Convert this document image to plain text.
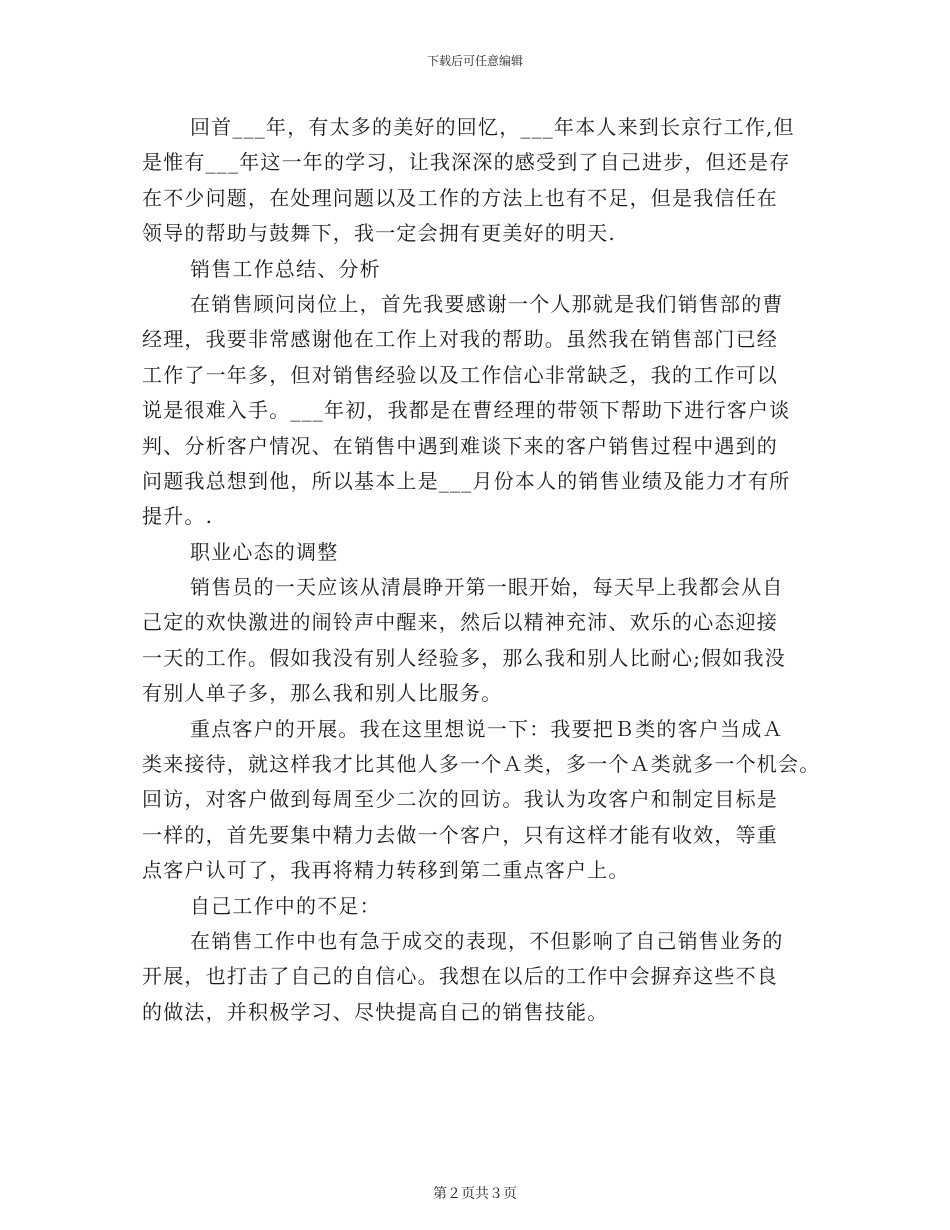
下载后可任意编辑
回首___年，有太多的美好的回忆，___年本人来到长京行工作,但
是惟有___年这一年的学习，让我深深的感受到了自己进步，但还是存
在不少问题，在处理问题以及工作的方法上也有不足，但是我信任在
领导的帮助与鼓舞下，我一定会拥有更美好的明天.
销售工作总结、分析
在销售顾问岗位上，首先我要感谢一个人那就是我们销售部的曹
经理，我要非常感谢他在工作上对我的帮助。虽然我在销售部门已经
工作了一年多，但对销售经验以及工作信心非常缺乏，我的工作可以
说是很难入手。___年初，我都是在曹经理的带领下帮助下进行客户谈
判、分析客户情况、在销售中遇到难谈下来的客户销售过程中遇到的
问题我总想到他，所以基本上是___月份本人的销售业绩及能力才有所
提升。.
职业心态的调整
销售员的一天应该从清晨睁开第一眼开始，每天早上我都会从自
己定的欢快激进的闹铃声中醒来，然后以精神充沛、欢乐的心态迎接
一天的工作。假如我没有别人经验多，那么我和别人比耐心;假如我没
有别人单子多，那么我和别人比服务。
重点客户的开展。我在这里想说一下：我要把Ｂ类的客户当成Ａ
类来接待，就这样我才比其他人多一个Ａ类，多一个Ａ类就多一个机会。
回访，对客户做到每周至少二次的回访。我认为攻客户和制定目标是
一样的，首先要集中精力去做一个客户，只有这样才能有收效，等重
点客户认可了，我再将精力转移到第二重点客户上。
自己工作中的不足：
在销售工作中也有急于成交的表现，不但影响了自己销售业务的
开展，也打击了自己的自信心。我想在以后的工作中会摒弃这些不良
的做法，并积极学习、尽快提高自己的销售技能。
第２页共３页
